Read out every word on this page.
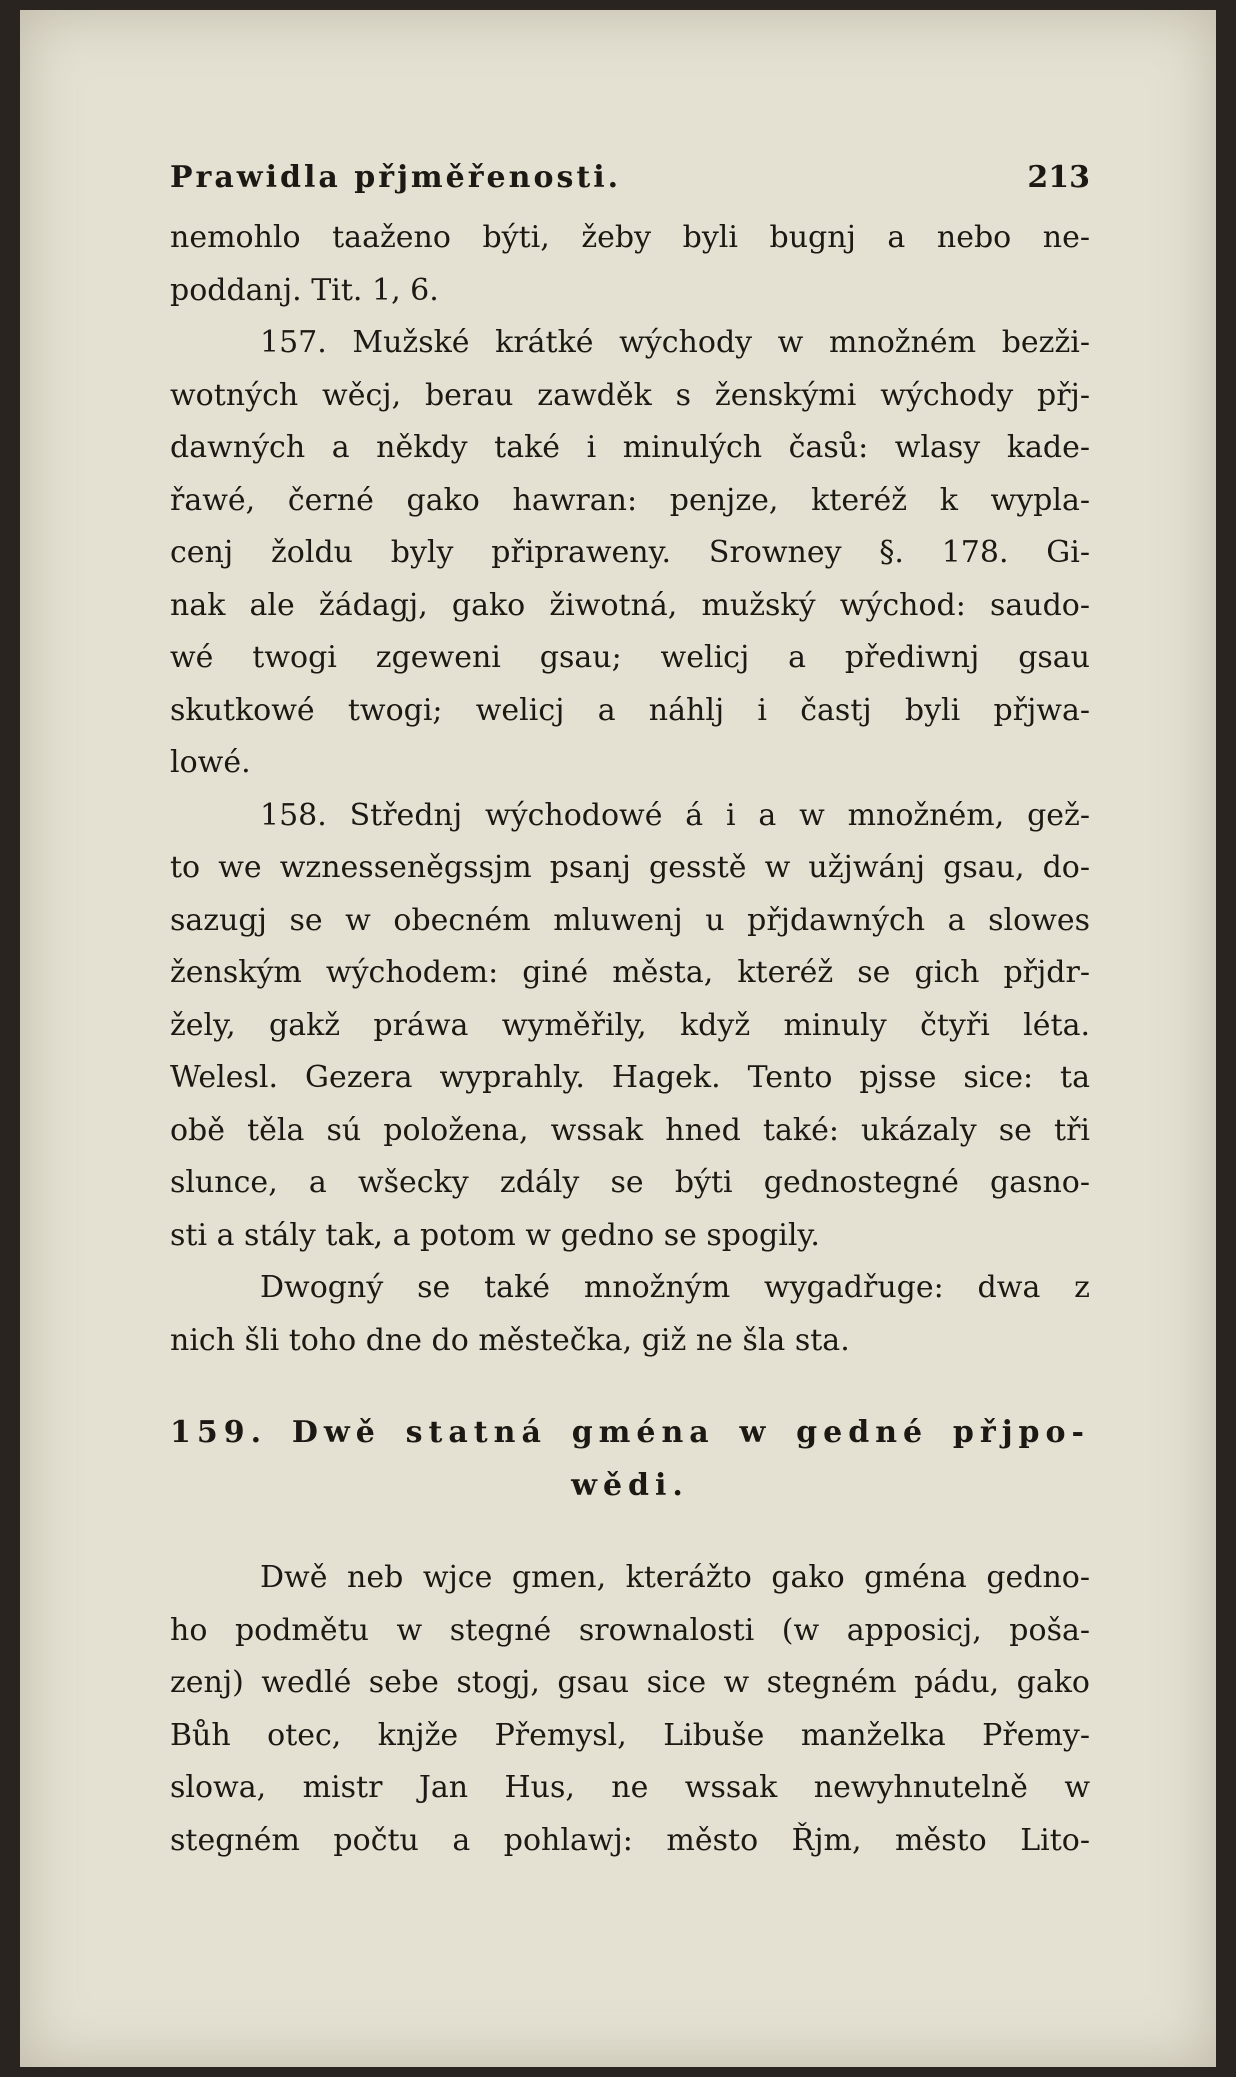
Prawidla přjměřenosti.	213
nemohlo taaženo býti, žeby byli bugnj a nebo ne-
poddanj. Tit. 1, 6.
157. Mužské krátké wýchody w množném bezži-
wotných wěcj, berau zawděk s ženskými wýchody přj-
dawných a někdy také i minulých časů: wlasy kade-
řawé, černé gako hawran: penjze, kteréž k wypla-
cenj žoldu byly připraweny. Srowney §. 178. Gi-
nak ale žádagj, gako žiwotná, mužský wýchod: saudo-
wé twogi zgeweni gsau; welicj a přediwnj gsau
skutkowé twogi; welicj a náhlj i častj byli přjwa-
lowé.
158. Střednj wýchodowé á i a w množném, gež-
to we wznesseněgssjm psanj gesstě w užjwánj gsau, do-
sazugj se w obecném mluwenj u přjdawných a slowes
ženským wýchodem: giné města, kteréž se gich přjdr-
žely, gakž práwa wyměřily, když minuly čtyři léta.
Welesl. Gezera wyprahly. Hagek. Tento pjsse sice: ta
obě těla sú položena, wssak hned také: ukázaly se tři
slunce, a wšecky zdály se býti gednostegné gasno-
sti a stály tak, a potom w gedno se spogily.
Dwogný se také množným wygadřuge: dwa z
nich šli toho dne do městečka, giž ne šla sta.
159. Dwě statná gména w gedné přjpo-
wědi.
Dwě neb wjce gmen, kterážto gako gména gedno-
ho podmětu w stegné srownalosti (w apposicj, poša-
zenj) wedlé sebe stogj, gsau sice w stegném pádu, gako
Bůh otec, knjže Přemysl, Libuše manželka Přemy-
slowa, mistr Jan Hus, ne wssak newyhnutelně w
stegném počtu a pohlawj: město Řjm, město Lito-
